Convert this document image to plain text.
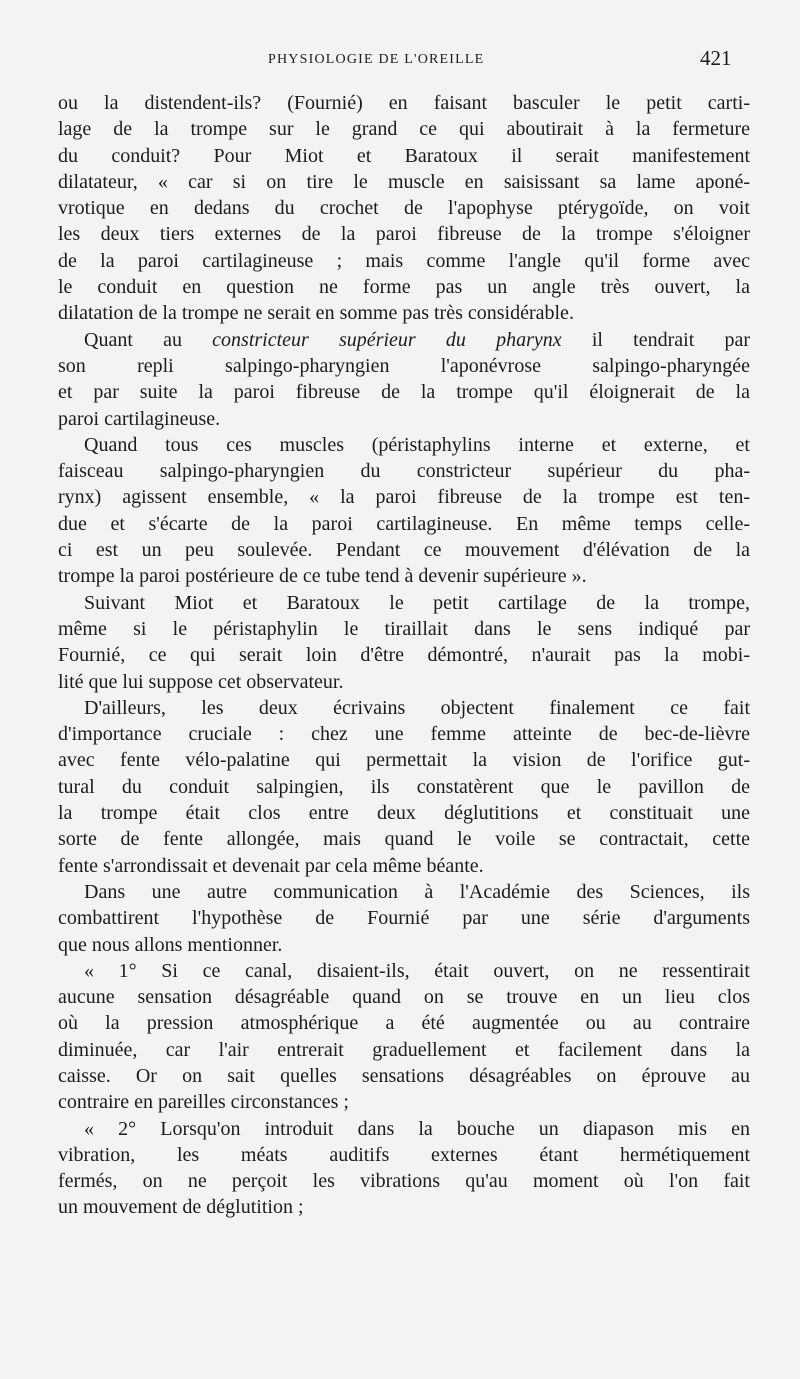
PHYSIOLOGIE DE L'OREILLE	421
ou la distendent-ils? (Fournié) en faisant basculer le petit carti-
lage de la trompe sur le grand ce qui aboutirait à la fermeture
du conduit? Pour Miot et Baratoux il serait manifestement
dilatateur, « car si on tire le muscle en saisissant sa lame aponé-
vrotique en dedans du crochet de l'apophyse ptérygoïde, on voit
les deux tiers externes de la paroi fibreuse de la trompe s'éloigner
de la paroi cartilagineuse ; mais comme l'angle qu'il forme avec
le conduit en question ne forme pas un angle très ouvert, la
dilatation de la trompe ne serait en somme pas très considérable.
Quant au constricteur supérieur du pharynx il tendrait par
son repli salpingo-pharyngien l'aponévrose salpingo-pharyngée
et par suite la paroi fibreuse de la trompe qu'il éloignerait de la
paroi cartilagineuse.
Quand tous ces muscles (péristaphylins interne et externe, et
faisceau salpingo-pharyngien du constricteur supérieur du pha-
rynx) agissent ensemble, « la paroi fibreuse de la trompe est ten-
due et s'écarte de la paroi cartilagineuse. En même temps celle-
ci est un peu soulevée. Pendant ce mouvement d'élévation de la
trompe la paroi postérieure de ce tube tend à devenir supérieure ».
Suivant Miot et Baratoux le petit cartilage de la trompe,
même si le péristaphylin le tiraillait dans le sens indiqué par
Fournié, ce qui serait loin d'être démontré, n'aurait pas la mobi-
lité que lui suppose cet observateur.
D'ailleurs, les deux écrivains objectent finalement ce fait
d'importance cruciale : chez une femme atteinte de bec-de-lièvre
avec fente vélo-palatine qui permettait la vision de l'orifice gut-
tural du conduit salpingien, ils constatèrent que le pavillon de
la trompe était clos entre deux déglutitions et constituait une
sorte de fente allongée, mais quand le voile se contractait, cette
fente s'arrondissait et devenait par cela même béante.
Dans une autre communication à l'Académie des Sciences, ils
combattirent l'hypothèse de Fournié par une série d'arguments
que nous allons mentionner.
« 1° Si ce canal, disaient-ils, était ouvert, on ne ressentirait
aucune sensation désagréable quand on se trouve en un lieu clos
où la pression atmosphérique a été augmentée ou au contraire
diminuée, car l'air entrerait graduellement et facilement dans la
caisse. Or on sait quelles sensations désagréables on éprouve au
contraire en pareilles circonstances ;
« 2° Lorsqu'on introduit dans la bouche un diapason mis en
vibration, les méats auditifs externes étant hermétiquement
fermés, on ne perçoit les vibrations qu'au moment où l'on fait
un mouvement de déglutition ;
